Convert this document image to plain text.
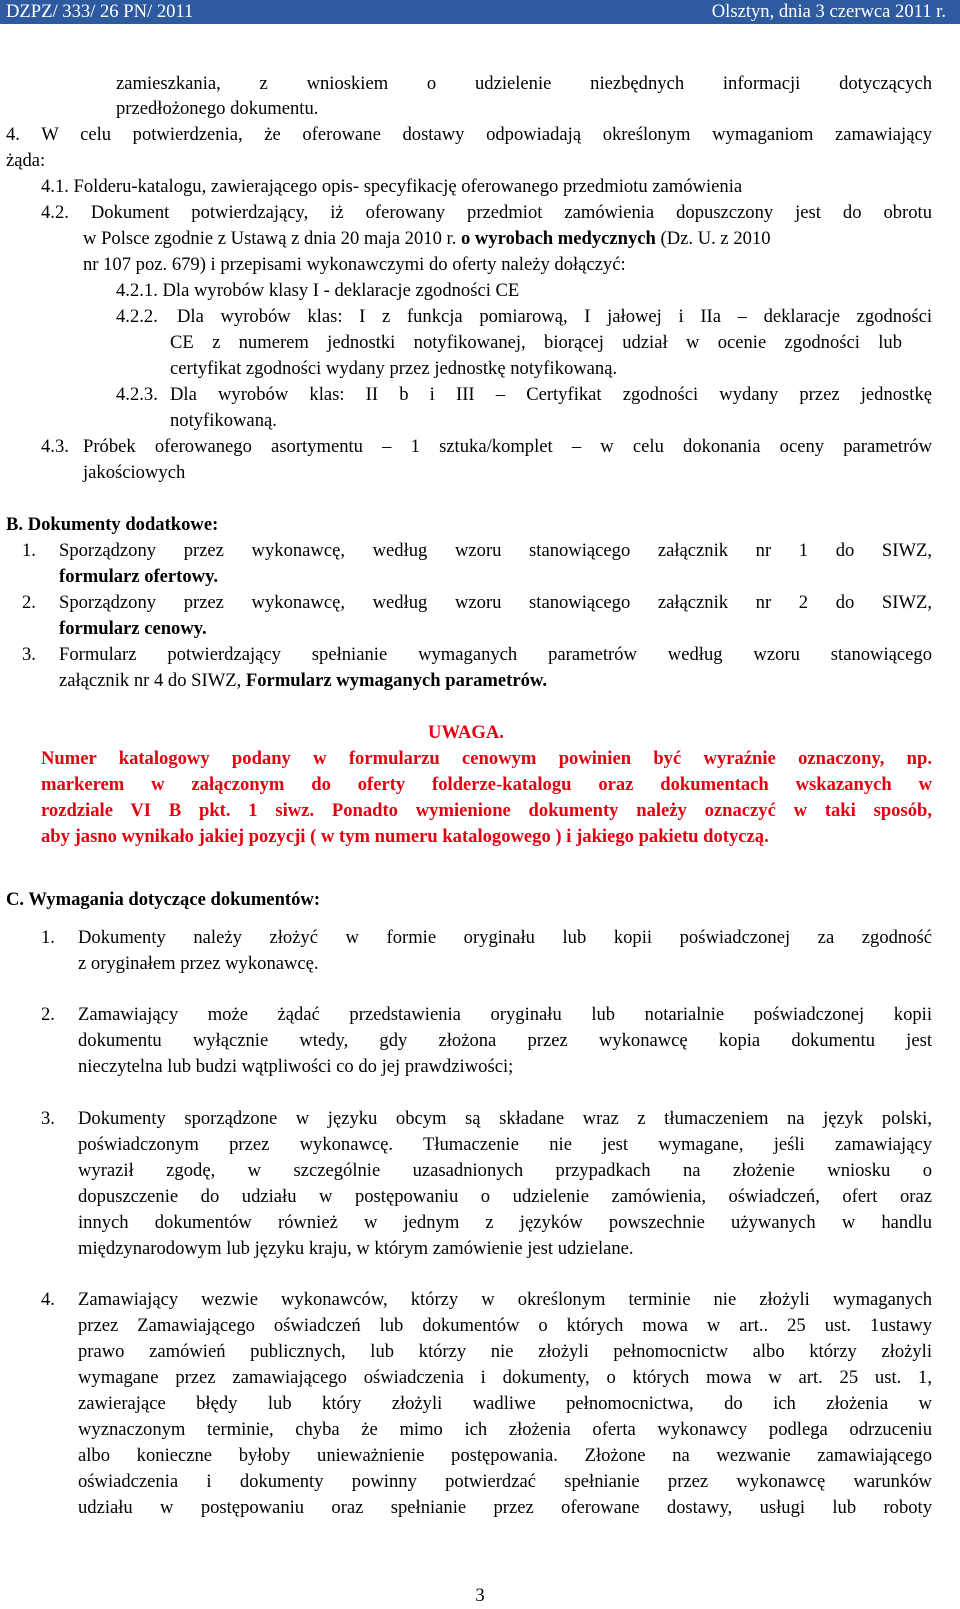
DZPZ/ 333/ 26 PN/ 2011	Olsztyn, dnia 3 czerwca 2011 r.
zamieszkania, z wnioskiem o udzielenie niezbędnych informacji dotyczących
przedłożonego dokumentu.
4. W celu potwierdzenia, że oferowane dostawy odpowiadają określonym wymaganiom zamawiający
żąda:
4.1. Folderu-katalogu, zawierającego opis- specyfikację oferowanego przedmiotu zamówienia
4.2. Dokument potwierdzający, iż oferowany przedmiot zamówienia dopuszczony jest do obrotu
w Polsce zgodnie z Ustawą z dnia 20 maja 2010 r. o wyrobach medycznych (Dz. U. z 2010
nr 107 poz. 679) i przepisami wykonawczymi do oferty należy dołączyć:
4.2.1. Dla wyrobów klasy I - deklaracje zgodności CE
4.2.2. Dla wyrobów klas: I z funkcja pomiarową, I jałowej i IIa – deklaracje zgodności
CE z numerem jednostki notyfikowanej, biorącej udział w ocenie zgodności lub
certyfikat zgodności wydany przez jednostkę notyfikowaną.
4.2.3. Dla wyrobów klas: II b i III – Certyfikat zgodności wydany przez jednostkę
notyfikowaną.
4.3. Próbek oferowanego asortymentu – 1 sztuka/komplet – w celu dokonania oceny parametrów
jakościowych
B. Dokumenty dodatkowe:
1. Sporządzony przez wykonawcę, według wzoru stanowiącego załącznik nr 1 do SIWZ,
formularz ofertowy.
2. Sporządzony przez wykonawcę, według wzoru stanowiącego załącznik nr 2 do SIWZ,
formularz cenowy.
3. Formularz potwierdzający spełnianie wymaganych parametrów według wzoru stanowiącego
załącznik nr 4 do SIWZ, Formularz wymaganych parametrów.
UWAGA.
Numer katalogowy podany w formularzu cenowym powinien być wyraźnie oznaczony, np.
markerem w załączonym do oferty folderze-katalogu oraz dokumentach wskazanych w
rozdziale VI B pkt. 1 siwz. Ponadto wymienione dokumenty należy oznaczyć w taki sposób,
aby jasno wynikało jakiej pozycji ( w tym numeru katalogowego ) i jakiego pakietu dotyczą.
C. Wymagania dotyczące dokumentów:
1. Dokumenty należy złożyć w formie oryginału lub kopii poświadczonej za zgodność
z oryginałem przez wykonawcę.
2. Zamawiający może żądać przedstawienia oryginału lub notarialnie poświadczonej kopii
dokumentu wyłącznie wtedy, gdy złożona przez wykonawcę kopia dokumentu jest
nieczytelna lub budzi wątpliwości co do jej prawdziwości;
3. Dokumenty sporządzone w języku obcym są składane wraz z tłumaczeniem na język polski,
poświadczonym przez wykonawcę. Tłumaczenie nie jest wymagane, jeśli zamawiający
wyraził zgodę, w szczególnie uzasadnionych przypadkach na złożenie wniosku o
dopuszczenie do udziału w postępowaniu o udzielenie zamówienia, oświadczeń, ofert oraz
innych dokumentów również w jednym z języków powszechnie używanych w handlu
międzynarodowym lub języku kraju, w którym zamówienie jest udzielane.
4. Zamawiający wezwie wykonawców, którzy w określonym terminie nie złożyli wymaganych
przez Zamawiającego oświadczeń lub dokumentów o których mowa w art.. 25 ust. 1ustawy
prawo zamówień publicznych, lub którzy nie złożyli pełnomocnictw albo którzy złożyli
wymagane przez zamawiającego oświadczenia i dokumenty, o których mowa w art. 25 ust. 1,
zawierające błędy lub który złożyli wadliwe pełnomocnictwa, do ich złożenia w
wyznaczonym terminie, chyba że mimo ich złożenia oferta wykonawcy podlega odrzuceniu
albo konieczne byłoby unieważnienie postępowania. Złożone na wezwanie zamawiającego
oświadczenia i dokumenty powinny potwierdzać spełnianie przez wykonawcę warunków
udziału w postępowaniu oraz spełnianie przez oferowane dostawy, usługi lub roboty
3
